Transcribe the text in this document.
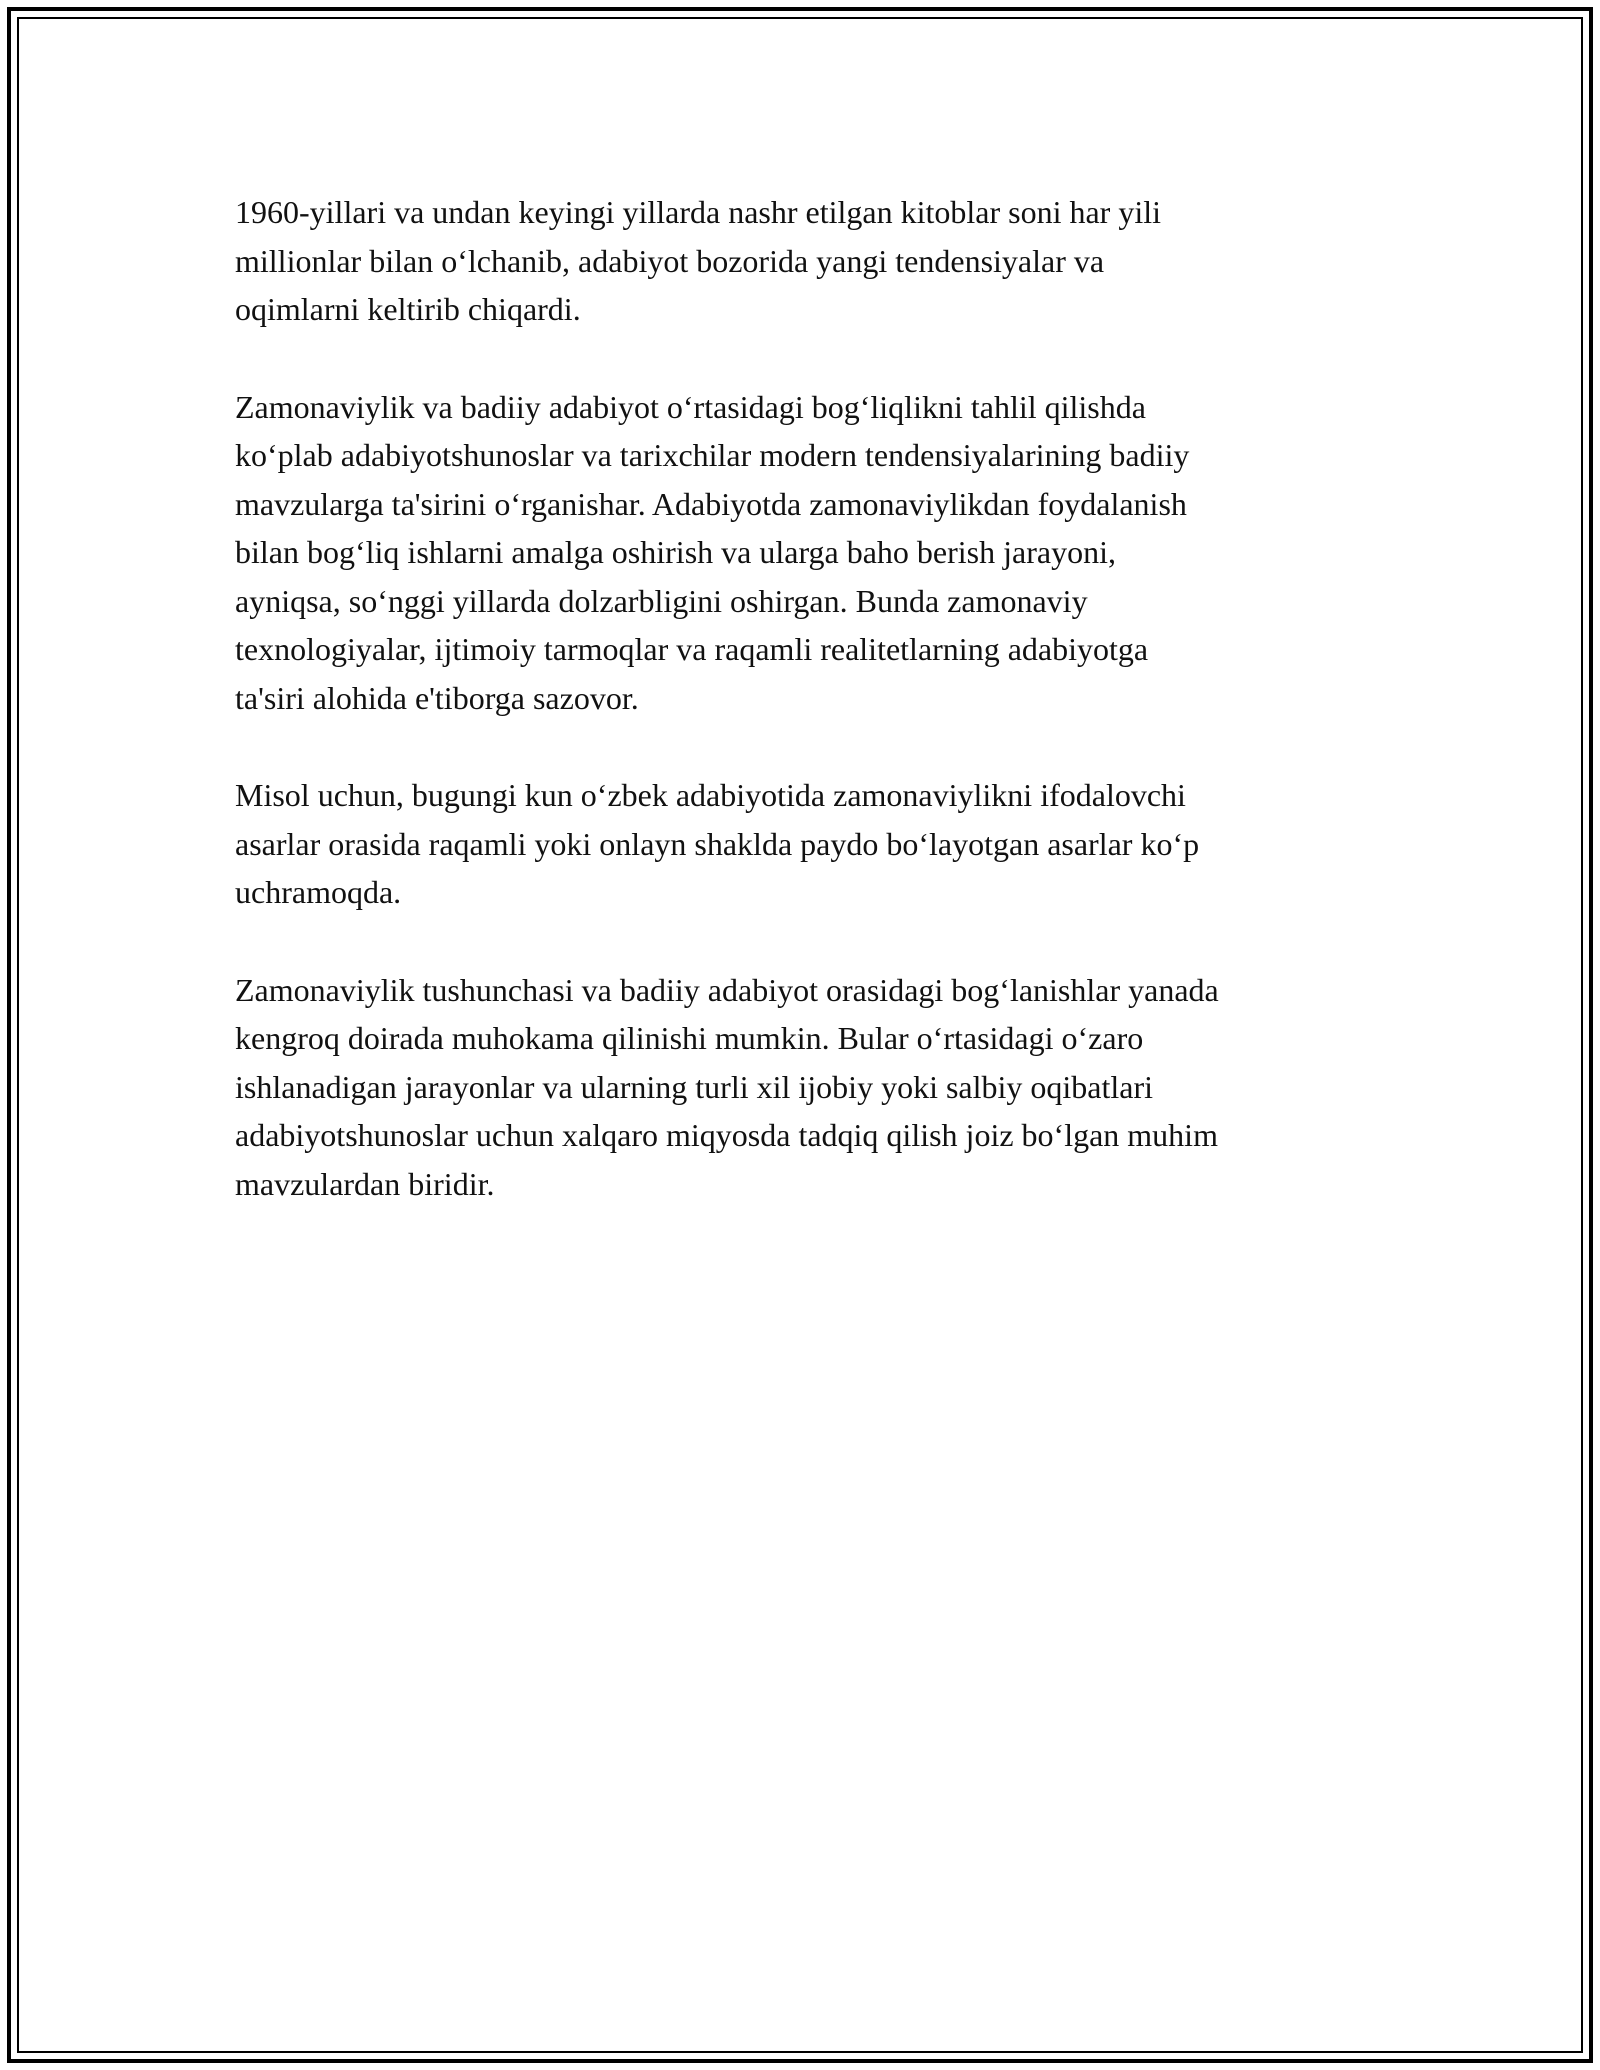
1960-yillari va undan keyingi yillarda nashr etilgan kitoblar soni har yili
millionlar bilan o‘lchanib, adabiyot bozorida yangi tendensiyalar va
oqimlarni keltirib chiqardi.

Zamonaviylik va badiiy adabiyot o‘rtasidagi bog‘liqlikni tahlil qilishda
ko‘plab adabiyotshunoslar va tarixchilar modern tendensiyalarining badiiy
mavzularga ta'sirini o‘rganishar. Adabiyotda zamonaviylikdan foydalanish
bilan bog‘liq ishlarni amalga oshirish va ularga baho berish jarayoni,
ayniqsa, so‘nggi yillarda dolzarbligini oshirgan. Bunda zamonaviy
texnologiyalar, ijtimoiy tarmoqlar va raqamli realitetlarning adabiyotga
ta'siri alohida e'tiborga sazovor.

Misol uchun, bugungi kun o‘zbek adabiyotida zamonaviylikni ifodalovchi
asarlar orasida raqamli yoki onlayn shaklda paydo bo‘layotgan asarlar ko‘p
uchramoqda.

Zamonaviylik tushunchasi va badiiy adabiyot orasidagi bog‘lanishlar yanada
kengroq doirada muhokama qilinishi mumkin. Bular o‘rtasidagi o‘zaro
ishlanadigan jarayonlar va ularning turli xil ijobiy yoki salbiy oqibatlari
adabiyotshunoslar uchun xalqaro miqyosda tadqiq qilish joiz bo‘lgan muhim
mavzulardan biridir.
